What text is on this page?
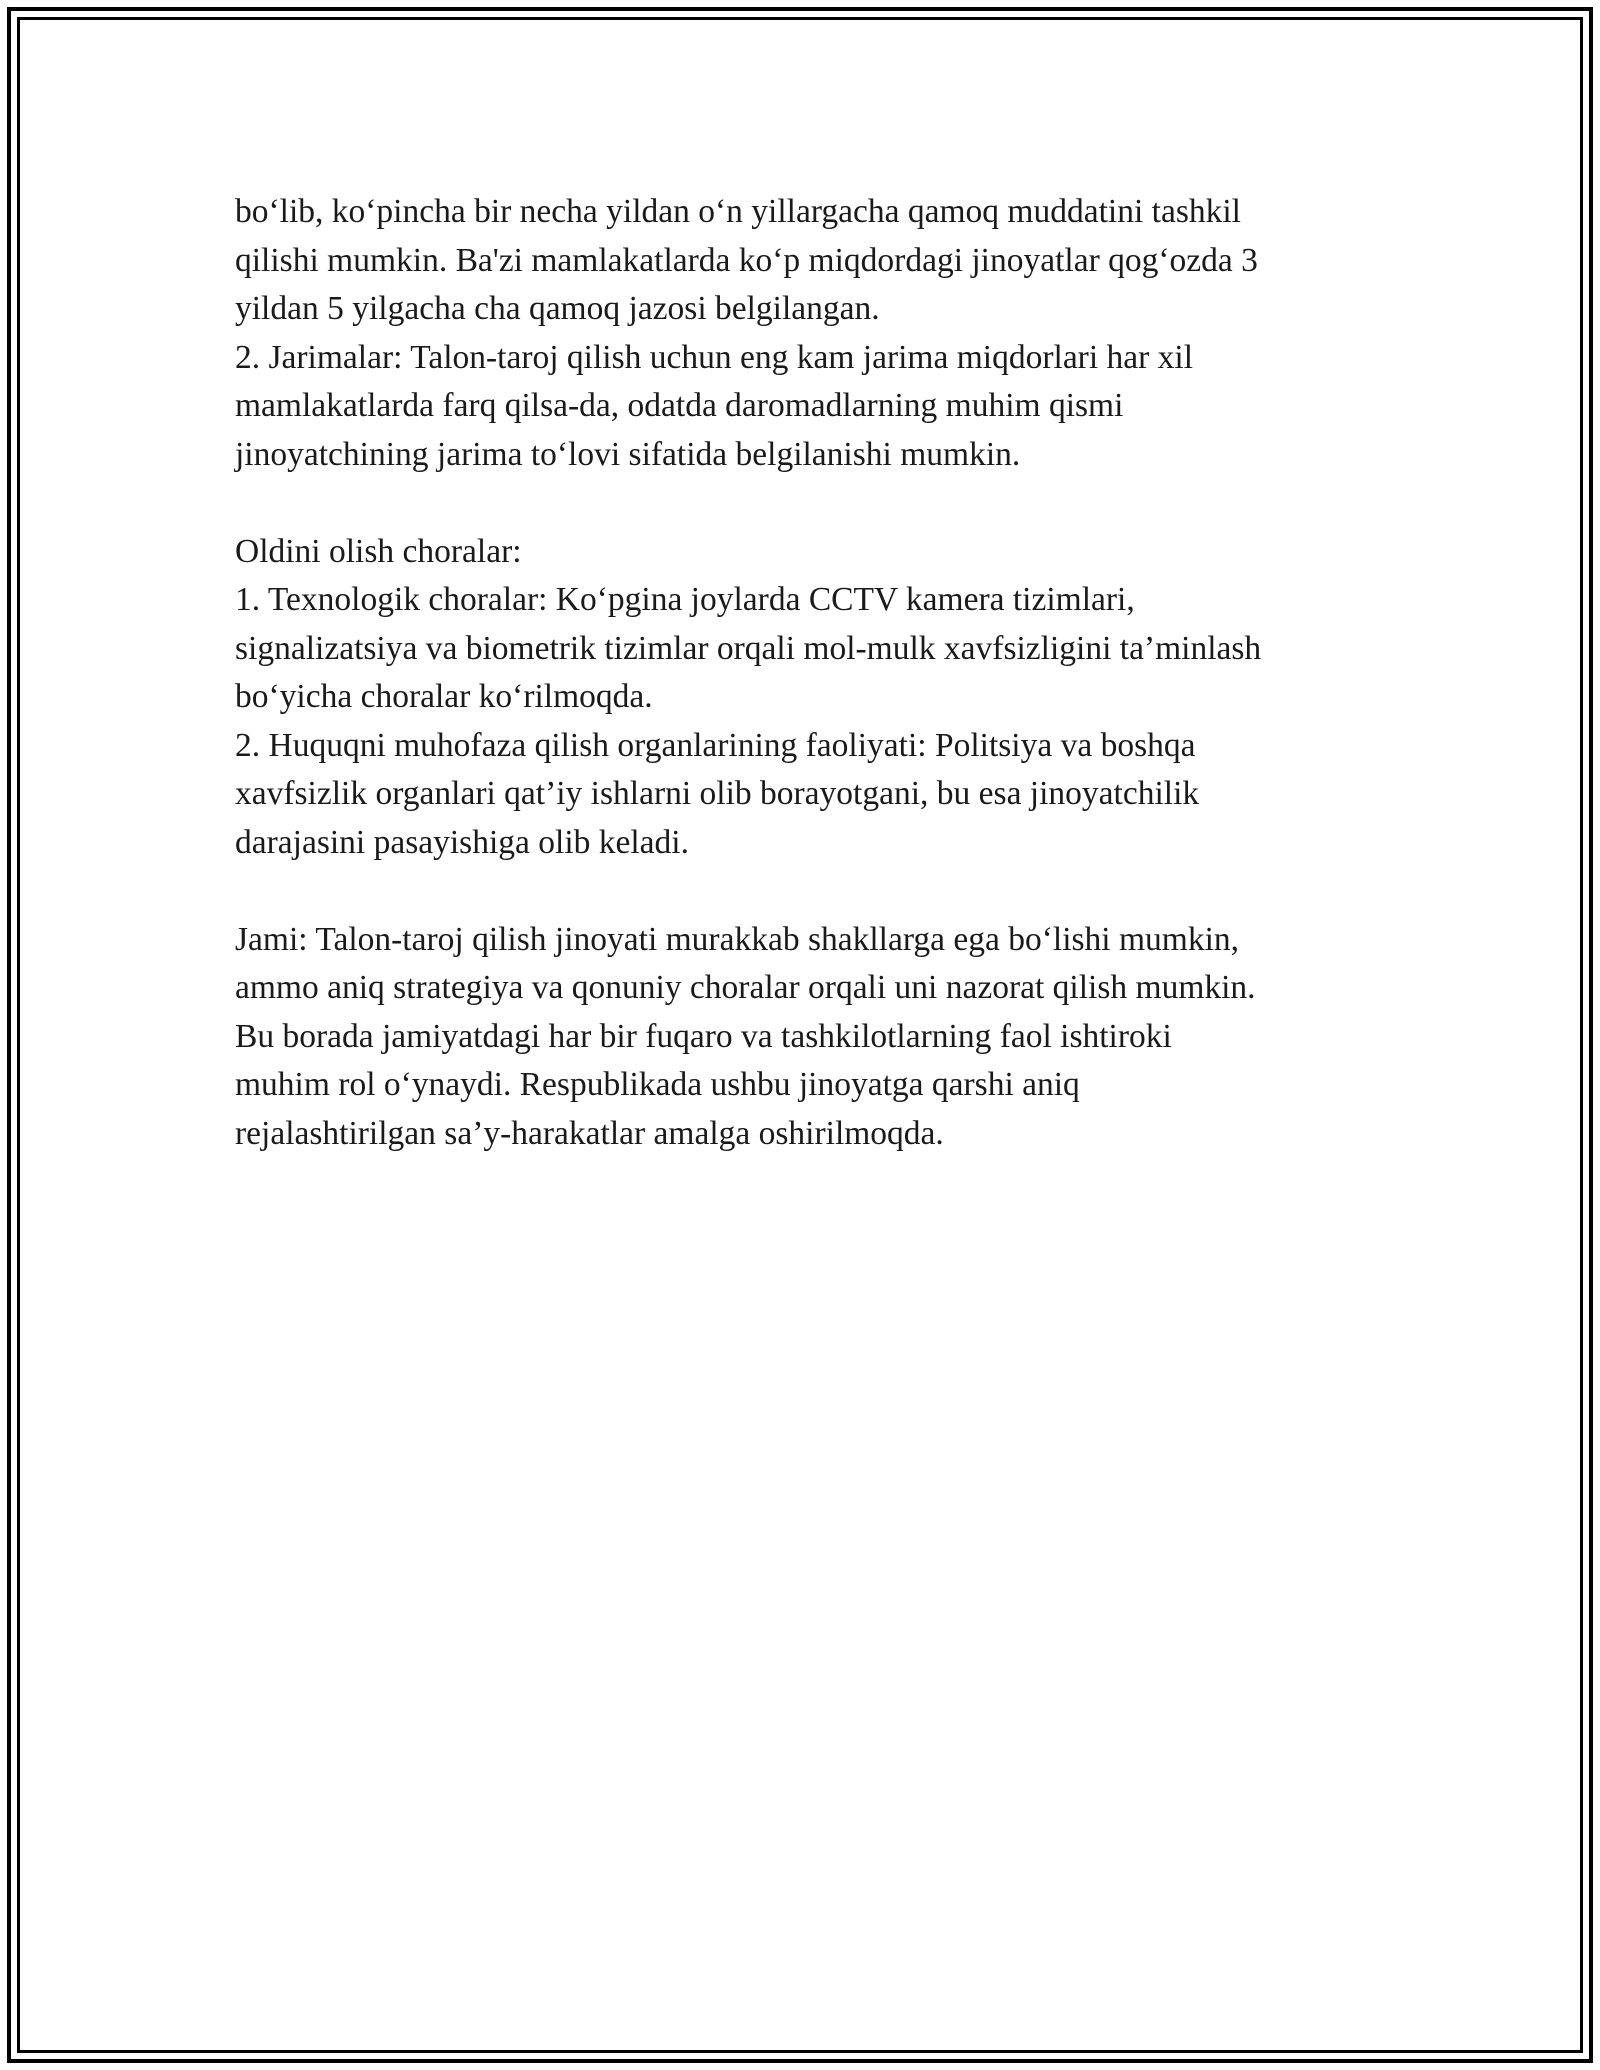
bo‘lib, ko‘pincha bir necha yildan o‘n yillargacha qamoq muddatini tashkil

qilishi mumkin. Ba'zi mamlakatlarda ko‘p miqdordagi jinoyatlar qog‘ozda 3

yildan 5 yilgacha cha qamoq jazosi belgilangan.

2. Jarimalar: Talon-taroj qilish uchun eng kam jarima miqdorlari har xil

mamlakatlarda farq qilsa-da, odatda daromadlarning muhim qismi

jinoyatchining jarima to‘lovi sifatida belgilanishi mumkin.

Oldini olish choralar:

1. Texnologik choralar: Ko‘pgina joylarda CCTV kamera tizimlari,

signalizatsiya va biometrik tizimlar orqali mol-mulk xavfsizligini ta’minlash

bo‘yicha choralar ko‘rilmoqda.

2. Huquqni muhofaza qilish organlarining faoliyati: Politsiya va boshqa

xavfsizlik organlari qat’iy ishlarni olib borayotgani, bu esa jinoyatchilik

darajasini pasayishiga olib keladi.

Jami: Talon-taroj qilish jinoyati murakkab shakllarga ega bo‘lishi mumkin,

ammo aniq strategiya va qonuniy choralar orqali uni nazorat qilish mumkin.

Bu borada jamiyatdagi har bir fuqaro va tashkilotlarning faol ishtiroki

muhim rol o‘ynaydi. Respublikada ushbu jinoyatga qarshi aniq

rejalashtirilgan sa’y-harakatlar amalga oshirilmoqda.
